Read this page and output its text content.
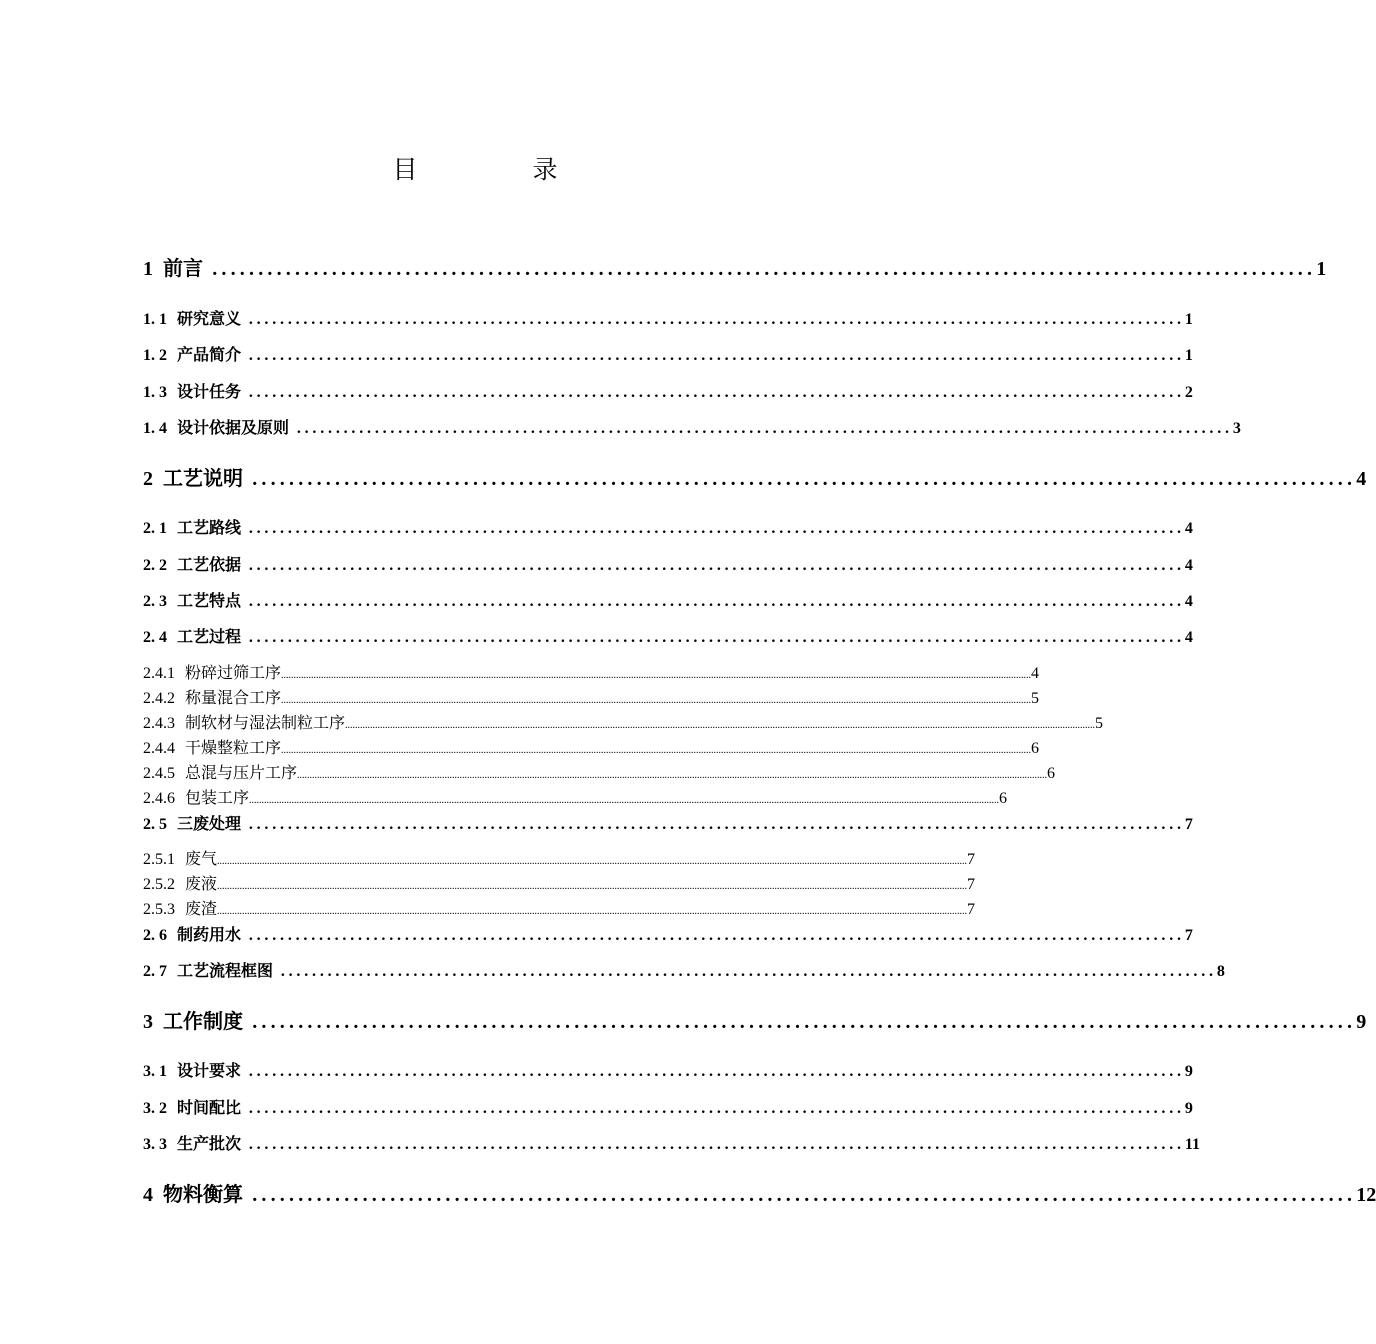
目　录
1 前言 ........................................................................................................................ 1
1. 1 研究意义 ........................................................................................................................ 1
1. 2 产品简介 ........................................................................................................................ 1
1. 3 设计任务 ........................................................................................................................ 2
1. 4 设计依据及原则 ........................................................................................................................ 3
2 工艺说明 ........................................................................................................................ 4
2. 1 工艺路线 ........................................................................................................................ 4
2. 2 工艺依据 ........................................................................................................................ 4
2. 3 工艺特点 ........................................................................................................................ 4
2. 4 工艺过程 ........................................................................................................................ 4
2.4.1 粉碎过筛工序............................................................................................................................................................................................................................................................................................................ 4
2.4.2 称量混合工序............................................................................................................................................................................................................................................................................................................ 5
2.4.3 制软材与湿法制粒工序............................................................................................................................................................................................................................................................................................................ 5
2.4.4 干燥整粒工序............................................................................................................................................................................................................................................................................................................ 6
2.4.5 总混与压片工序............................................................................................................................................................................................................................................................................................................ 6
2.4.6 包装工序............................................................................................................................................................................................................................................................................................................ 6
2. 5 三废处理 ........................................................................................................................ 7
2.5.1 废气............................................................................................................................................................................................................................................................................................................ 7
2.5.2 废液............................................................................................................................................................................................................................................................................................................ 7
2.5.3 废渣............................................................................................................................................................................................................................................................................................................ 7
2. 6 制药用水 ........................................................................................................................ 7
2. 7 工艺流程框图 ........................................................................................................................ 8
3 工作制度 ........................................................................................................................ 9
3. 1 设计要求 ........................................................................................................................ 9
3. 2 时间配比 ........................................................................................................................ 9
3. 3 生产批次 ........................................................................................................................ 11
4 物料衡算 ........................................................................................................................ 12
